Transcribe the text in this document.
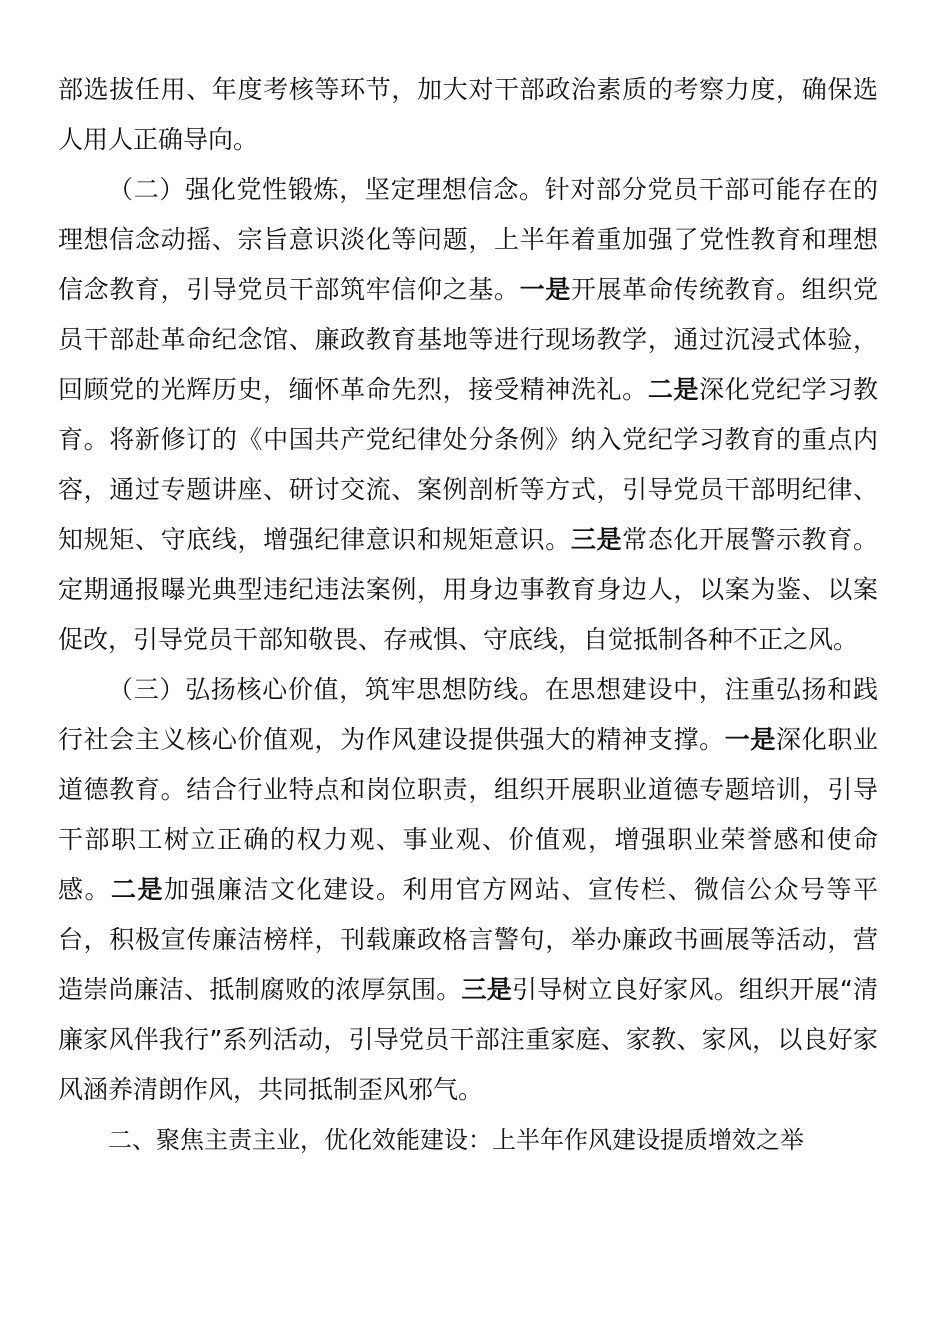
部选拔任用、年度考核等环节，加大对干部政治素质的考察力度，确保选人用人正确导向。

（二）强化党性锻炼，坚定理想信念。针对部分党员干部可能存在的理想信念动摇、宗旨意识淡化等问题，上半年着重加强了党性教育和理想信念教育，引导党员干部筑牢信仰之基。一是开展革命传统教育。组织党员干部赴革命纪念馆、廉政教育基地等进行现场教学，通过沉浸式体验，回顾党的光辉历史，缅怀革命先烈，接受精神洗礼。二是深化党纪学习教育。将新修订的《中国共产党纪律处分条例》纳入党纪学习教育的重点内容，通过专题讲座、研讨交流、案例剖析等方式，引导党员干部明纪律、知规矩、守底线，增强纪律意识和规矩意识。三是常态化开展警示教育。定期通报曝光典型违纪违法案例，用身边事教育身边人，以案为鉴、以案促改，引导党员干部知敬畏、存戒惧、守底线，自觉抵制各种不正之风。

（三）弘扬核心价值，筑牢思想防线。在思想建设中，注重弘扬和践行社会主义核心价值观，为作风建设提供强大的精神支撑。一是深化职业道德教育。结合行业特点和岗位职责，组织开展职业道德专题培训，引导干部职工树立正确的权力观、事业观、价值观，增强职业荣誉感和使命感。二是加强廉洁文化建设。利用官方网站、宣传栏、微信公众号等平台，积极宣传廉洁榜样，刊载廉政格言警句，举办廉政书画展等活动，营造崇尚廉洁、抵制腐败的浓厚氛围。三是引导树立良好家风。组织开展“清廉家风伴我行”系列活动，引导党员干部注重家庭、家教、家风，以良好家风涵养清朗作风，共同抵制歪风邪气。

二、聚焦主责主业，优化效能建设：上半年作风建设提质增效之举
